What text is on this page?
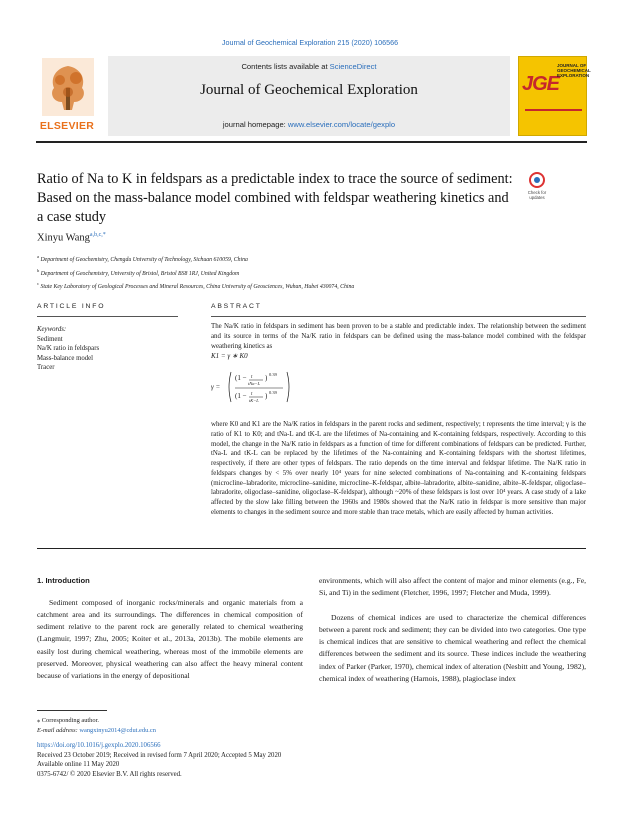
Journal of Geochemical Exploration 215 (2020) 106566
ELSEVIER
Contents lists available at ScienceDirect
Journal of Geochemical Exploration
journal homepage: www.elsevier.com/locate/gexplo
JGE
JOURNAL OF GEOCHEMICAL EXPLORATION
Ratio of Na to K in feldspars as a predictable index to trace the source of sediment: Based on the mass-balance model combined with feldspar weathering kinetics and a case study
Check for updates
Xinyu Wang$^{a,b,c,*}$
$^a$ Department of Geochemistry, Chengdu University of Technology, Sichuan 610059, China
$^b$ Department of Geochemistry, University of Bristol, Bristol BS8 1RJ, United Kingdom
$^c$ State Key Laboratory of Geological Processes and Mineral Resources, China University of Geosciences, Wuhan, Hubei 430074, China
ARTICLE INFO	ABSTRACT
Keywords:
Sediment
Na/K ratio in feldspars
Mass-balance model
Tracer
The Na/K ratio in feldspars in sediment has been proven to be a stable and predictable index. The relationship between the sediment and its source in terms of the Na/K ratio in feldspars can be defined using the mass-balance model combined with the feldspar weathering kinetics as
K1 = γ ∗ K0
γ =
(1 − t
tNa−L
) 0.39
(1 − t
tK−L
) 0.39
where K0 and K1 are the Na/K ratios in feldspars in the parent rocks and sediment, respectively; t represents the time interval; γ is the ratio of K1 to K0; and tNa-L and tK-L are the lifetimes of Na-containing and K-containing feldspars, respectively. According to this model, the change in the Na/K ratio in feldspars as a function of time for different combinations of feldspars can be predicted. Further, tNa-L and tK-L can be replaced by the lifetimes of the Na-containing and K-containing feldspars with the shortest lifetimes, respectively, if there are other types of feldspars. The ratio depends on the time interval and feldspar lifetime. The Na/K ratio in feldspars changes by < 5% over nearly 10⁴ years for nine selected combinations of Na-containing and K-containing feldspars (microcline–labradorite, microcline–sanidine, microcline–K-feldspar, albite–labradorite, albite–sanidine, albite–K-feldspar, oligoclase–labradorite, oligoclase–sanidine, oligoclase–K-feldspar), although ~20% of these feldspars is lost over 10⁴ years. A case study of a lake affected by the slow lake filling between the 1960s and 1980s showed that the Na/K ratio in feldspar is more sensitive than major elements to changes in the sediment source and more stable than trace metals, which are easily affected by human activities.
1. Introduction
Sediment composed of inorganic rocks/minerals and organic materials from a catchment area and its surroundings. The differences in chemical composition of sediment relative to the parent rock are generally related to chemical weathering (Langmuir, 1997; Zhu, 2005; Koiter et al., 2013a, 2013b). The mobile elements are easily lost during chemical weathering, whereas most of the immobile elements are preserved. Moreover, physical weathering can also affect the heavy mineral content because of variations in the energy of depositional
environments, which will also affect the content of major and minor elements (e.g., Fe, Si, and Ti) in the sediment (Fletcher, 1996, 1997; Fletcher and Muda, 1999).
Dozens of chemical indices are used to characterize the chemical differences between a parent rock and sediment; they can be divided into two categories. One type is chemical indices that are sensitive to chemical weathering and reflect the chemical differences between the sediment and its source. These indices include the weathering index of Parker (Parker, 1970), chemical index of alteration (Nesbitt and Young, 1982), chemical index of weathering (Harnois, 1988), plagioclase index
⁎ Corresponding author.
E-mail address: wangxinyu2014@cdut.edu.cn
https://doi.org/10.1016/j.gexplo.2020.106566
Received 23 October 2019; Received in revised form 7 April 2020; Accepted 5 May 2020
Available online 11 May 2020
0375-6742/ © 2020 Elsevier B.V. All rights reserved.
